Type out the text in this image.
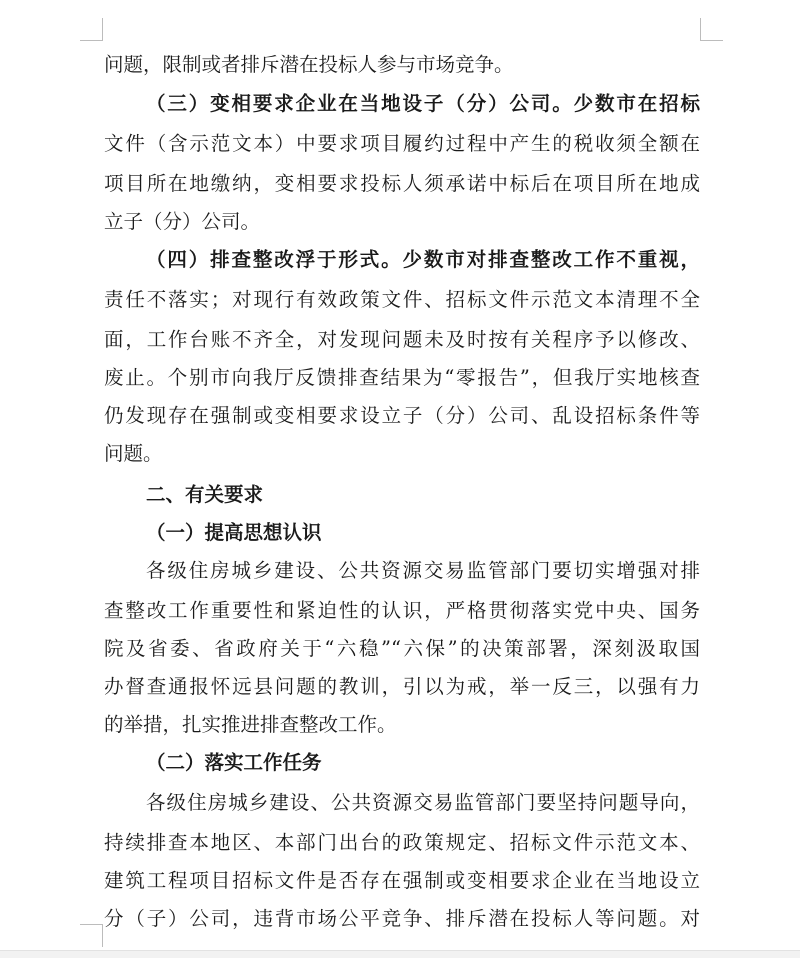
问题，限制或者排斥潜在投标人参与市场竞争。
（三）变相要求企业在当地设子（分）公司。少数市在招标
文件（含示范文本）中要求项目履约过程中产生的税收须全额在
项目所在地缴纳，变相要求投标人须承诺中标后在项目所在地成
立子（分）公司。
（四）排查整改浮于形式。少数市对排查整改工作不重视，
责任不落实；对现行有效政策文件、招标文件示范文本清理不全
面，工作台账不齐全，对发现问题未及时按有关程序予以修改、
废止。个别市向我厅反馈排查结果为“零报告”，但我厅实地核查
仍发现存在强制或变相要求设立子（分）公司、乱设招标条件等
问题。
二、有关要求
（一）提高思想认识
各级住房城乡建设、公共资源交易监管部门要切实增强对排
查整改工作重要性和紧迫性的认识，严格贯彻落实党中央、国务
院及省委、省政府关于“六稳”“六保”的决策部署，深刻汲取国
办督查通报怀远县问题的教训，引以为戒，举一反三，以强有力
的举措，扎实推进排查整改工作。
（二）落实工作任务
各级住房城乡建设、公共资源交易监管部门要坚持问题导向，
持续排查本地区、本部门出台的政策规定、招标文件示范文本、
建筑工程项目招标文件是否存在强制或变相要求企业在当地设立
分（子）公司，违背市场公平竞争、排斥潜在投标人等问题。对
